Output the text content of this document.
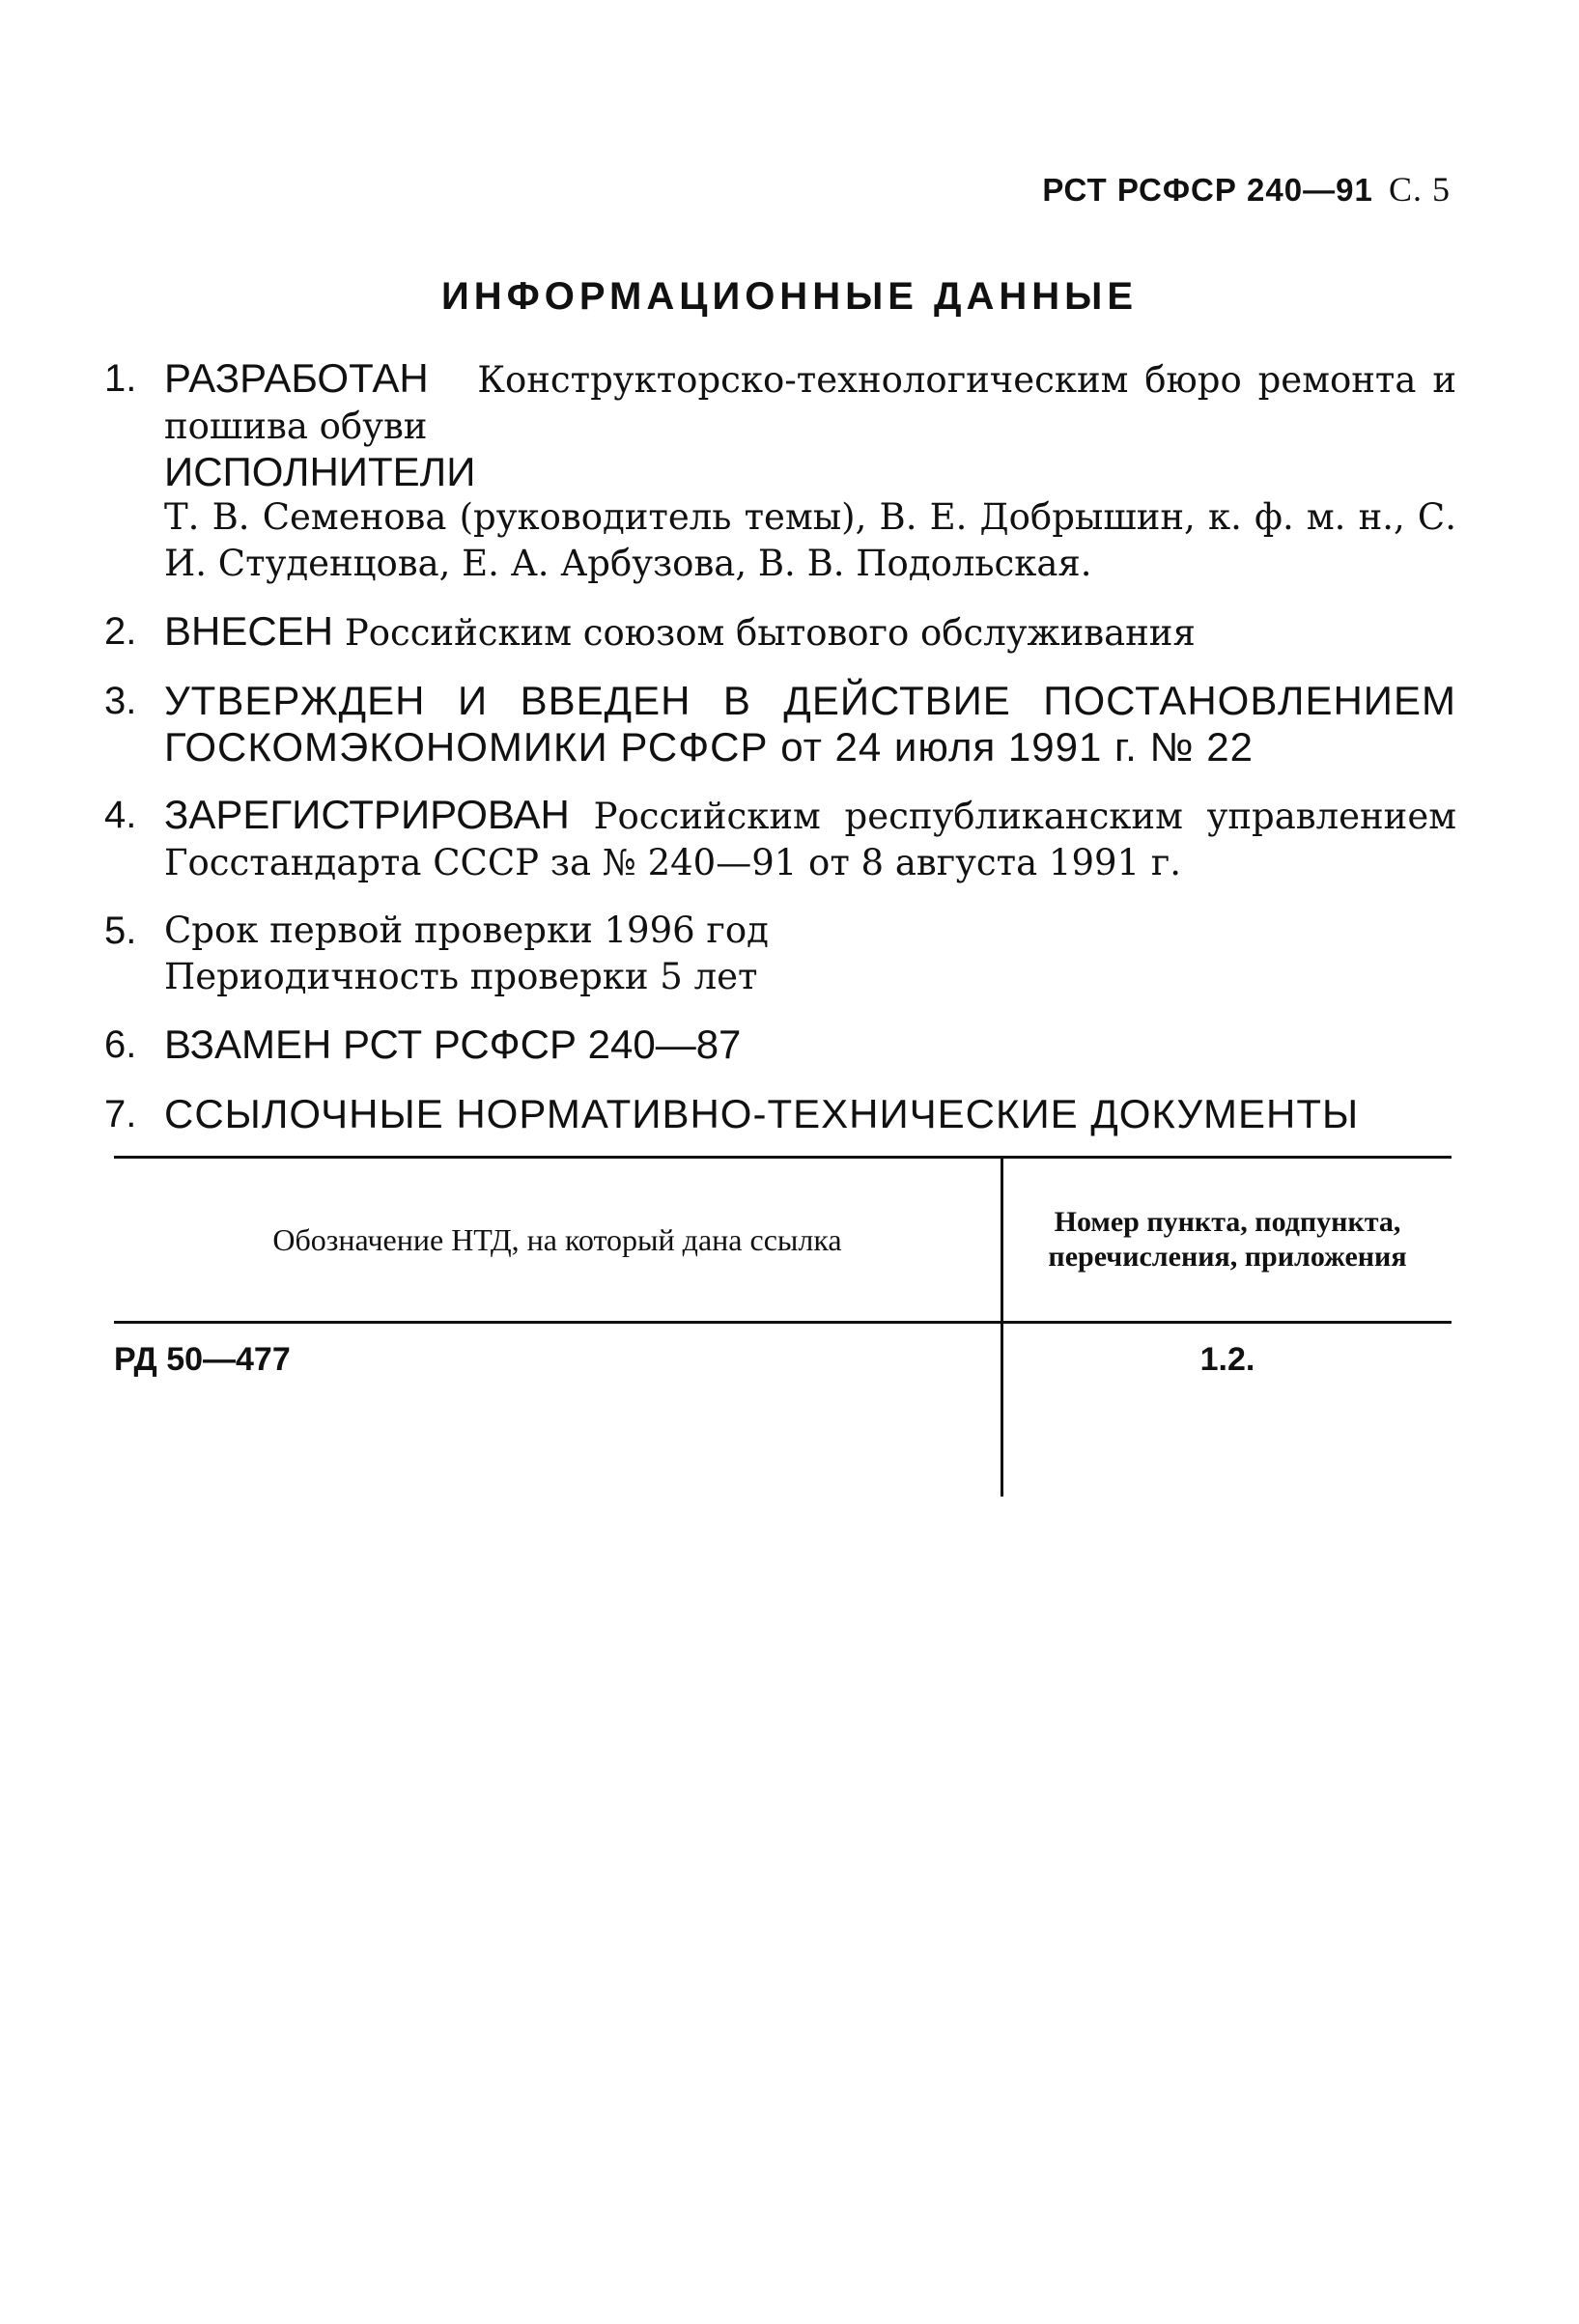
РСТ РСФСР 240—91 С. 5
ИНФОРМАЦИОННЫЕ ДАННЫЕ
1. РАЗРАБОТАН Конструкторско-технологическим бюро ремонта и пошива обуви
ИСПОЛНИТЕЛИ
Т. В. Семенова (руководитель темы), В. Е. Добрышин, к. ф. м. н., С. И. Студенцова, Е. А. Арбузова, В. В. Подольская.
2. ВНЕСЕН Российским союзом бытового обслуживания
3. УТВЕРЖДЕН И ВВЕДЕН В ДЕЙСТВИЕ ПОСТАНОВЛЕНИЕМ ГОСКОМЭКОНОМИКИ РСФСР от 24 июля 1991 г. № 22
4. ЗАРЕГИСТРИРОВАН Российским республиканским управлением Госстандарта СССР за № 240—91 от 8 августа 1991 г.
5. Срок первой проверки 1996 год
Периодичность проверки 5 лет
6. ВЗАМЕН РСТ РСФСР 240—87
7. ССЫЛОЧНЫЕ НОРМАТИВНО-ТЕХНИЧЕСКИЕ ДОКУМЕНТЫ
Обозначение НТД, на который дана ссылка	Номер пункта, подпункта, перечисления, приложения
РД 50—477	1.2.
